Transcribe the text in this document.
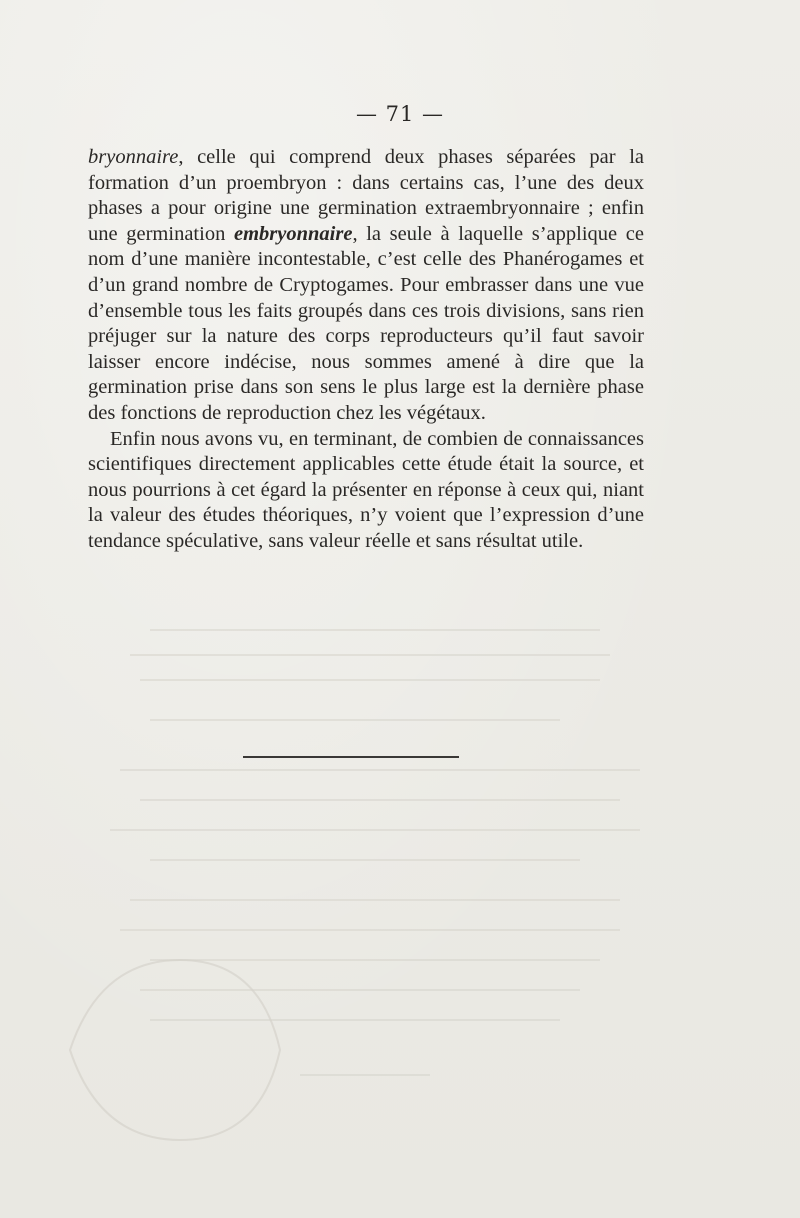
— 71 —

bryonnaire, celle qui comprend deux phases séparées par la formation d’un proembryon : dans certains cas, l’une des deux phases a pour origine une germination extraembryonnaire ; enfin une germination embryonnaire, la seule à laquelle s’applique ce nom d’une manière incontestable, c’est celle des Phanérogames et d’un grand nombre de Cryptogames. Pour embrasser dans une vue d’ensemble tous les faits groupés dans ces trois divisions, sans rien préjuger sur la nature des corps reproducteurs qu’il faut savoir laisser encore indécise, nous sommes amené à dire que la germination prise dans son sens le plus large est la dernière phase des fonctions de reproduction chez les végétaux.

Enfin nous avons vu, en terminant, de combien de connaissances scientifiques directement applicables cette étude était la source, et nous pourrions à cet égard la présenter en réponse à ceux qui, niant la valeur des études théoriques, n’y voient que l’expression d’une tendance spéculative, sans valeur réelle et sans résultat utile.
